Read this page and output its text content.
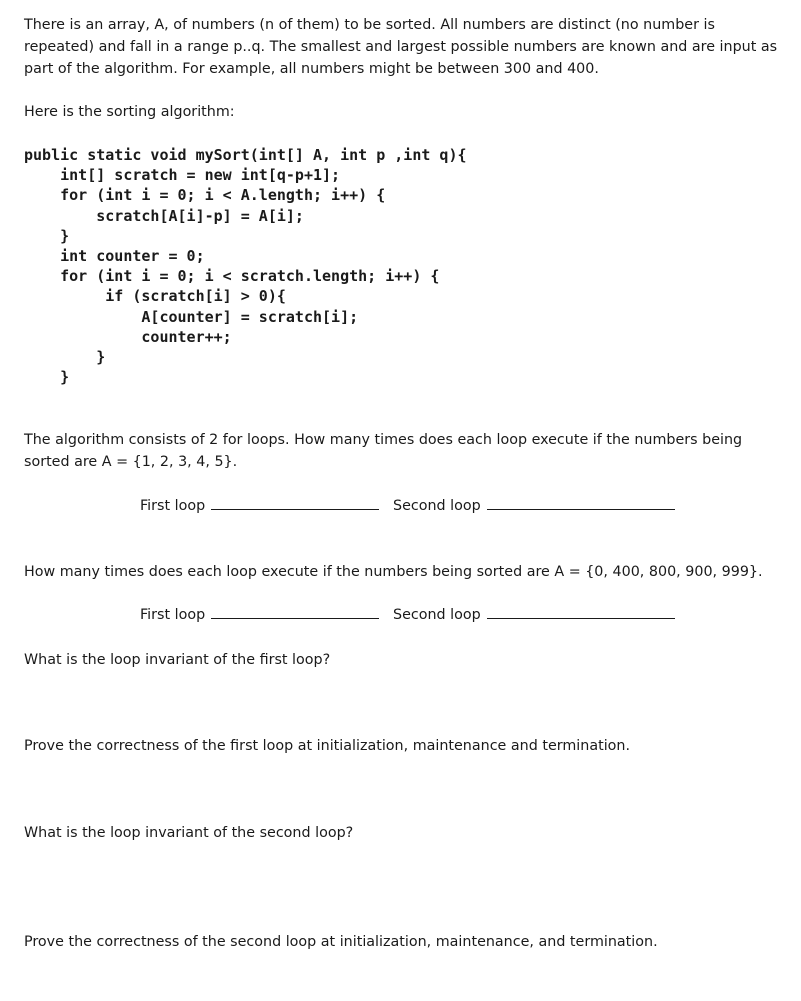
There is an array, A, of numbers (n of them) to be sorted. All numbers are distinct (no number is

repeated) and fall in a range p..q. The smallest and largest possible numbers are known and are input as

part of the algorithm. For example, all numbers might be between 300 and 400.

Here is the sorting algorithm:

public static void mySort(int[] A, int p ,int q){
int[] scratch = new int[q-p+1];
for (int i = 0; i < A.length; i++) {
scratch[A[i]-p] = A[i];
}
int counter = 0;
for (int i = 0; i < scratch.length; i++) {
if (scratch[i] > 0){
A[counter] = scratch[i];
counter++;
}
}

The algorithm consists of 2 for loops. How many times does each loop execute if the numbers being

sorted are A = {1, 2, 3, 4, 5}.

First loop	Second loop

How many times does each loop execute if the numbers being sorted are A = {0, 400, 800, 900, 999}.

First loop	Second loop

What is the loop invariant of the first loop?

Prove the correctness of the first loop at initialization, maintenance and termination.

What is the loop invariant of the second loop?

Prove the correctness of the second loop at initialization, maintenance, and termination.
